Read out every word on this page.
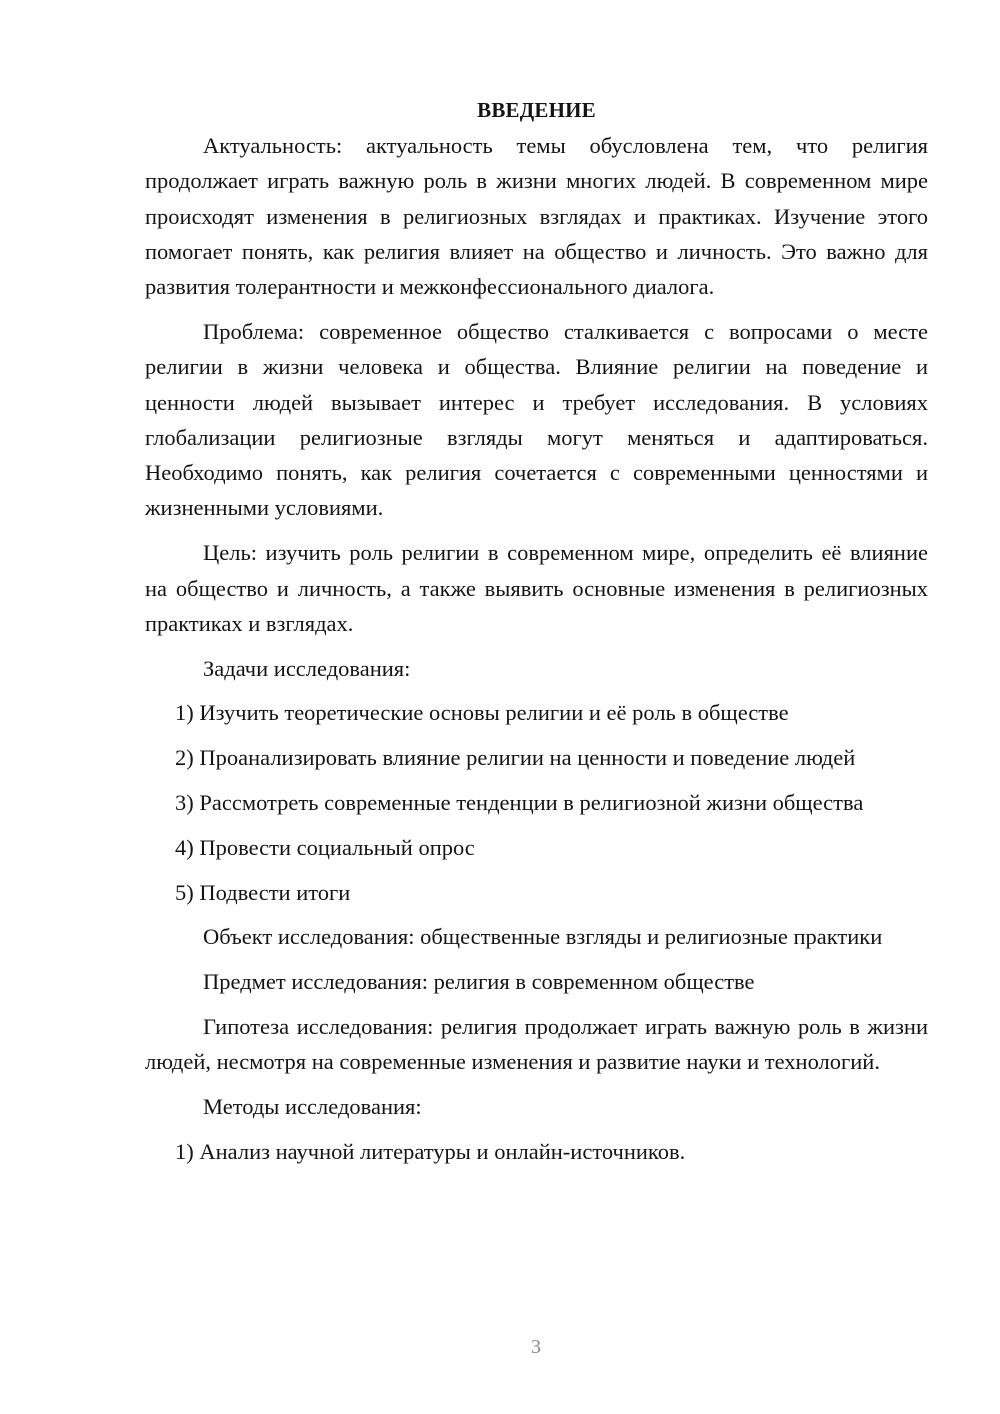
ВВЕДЕНИЕ

Актуальность: актуальность темы обусловлена тем, что религия продолжает играть важную роль в жизни многих людей. В современном мире происходят изменения в религиозных взглядах и практиках. Изучение этого помогает понять, как религия влияет на общество и личность. Это важно для развития толерантности и межконфессионального диалога.

Проблема: современное общество сталкивается с вопросами о месте религии в жизни человека и общества. Влияние религии на поведение и ценности людей вызывает интерес и требует исследования. В условиях глобализации религиозные взгляды могут меняться и адаптироваться. Необходимо понять, как религия сочетается с современными ценностями и жизненными условиями.

Цель: изучить роль религии в современном мире, определить её влияние на общество и личность, а также выявить основные изменения в религиозных практиках и взглядах.

Задачи исследования:
1) Изучить теоретические основы религии и её роль в обществе
2) Проанализировать влияние религии на ценности и поведение людей
3) Рассмотреть современные тенденции в религиозной жизни общества
4) Провести социальный опрос
5) Подвести итоги

Объект исследования: общественные взгляды и религиозные практики

Предмет исследования: религия в современном обществе

Гипотеза исследования: религия продолжает играть важную роль в жизни людей, несмотря на современные изменения и развитие науки и технологий.

Методы исследования:
1) Анализ научной литературы и онлайн-источников.
3
